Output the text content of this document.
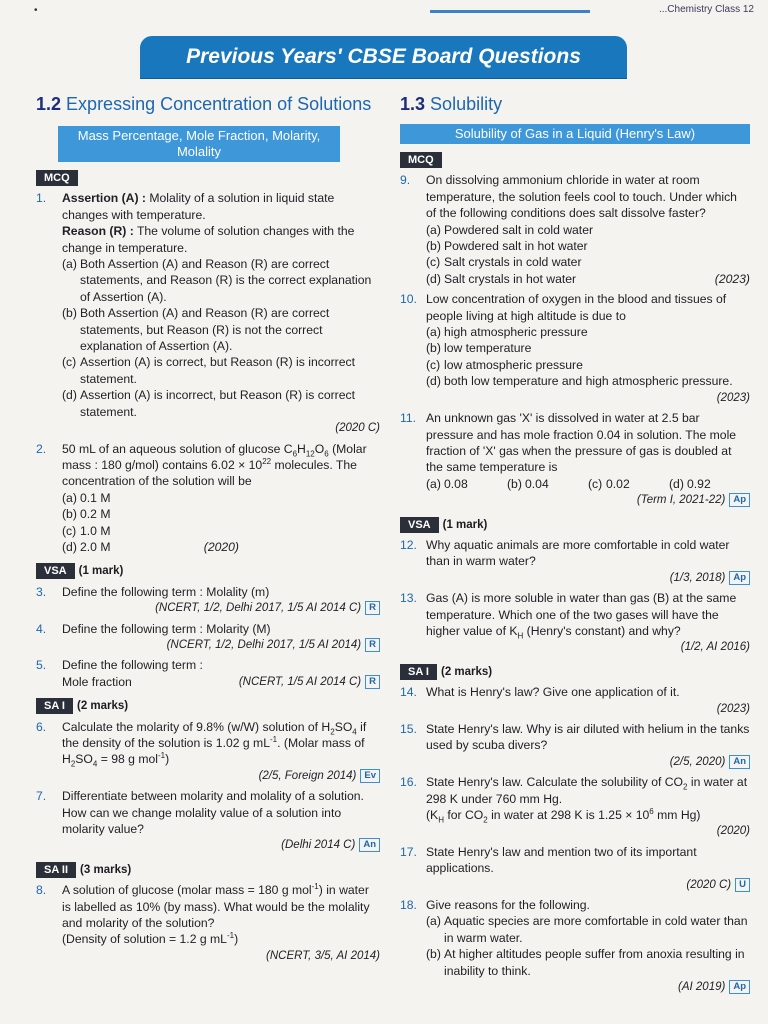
•	...Chemistry Class 12
Previous Years' CBSE Board Questions
1.2 Expressing Concentration of Solutions
Mass Percentage, Mole Fraction, Molarity, Molality
MCQ
1. Assertion (A) : Molality of a solution in liquid state changes with temperature.
Reason (R) : The volume of solution changes with the change in temperature.
(a) Both Assertion (A) and Reason (R) are correct statements, and Reason (R) is the correct explanation of Assertion (A).
(b) Both Assertion (A) and Reason (R) are correct statements, but Reason (R) is not the correct explanation of Assertion (A).
(c) Assertion (A) is correct, but Reason (R) is incorrect statement.
(d) Assertion (A) is incorrect, but Reason (R) is correct statement.
(2020 C)
2. 50 mL of an aqueous solution of glucose $C_6H_{12}O_6$ (Molar mass : 180 g/mol) contains $6.02 \times 10^{22}$ molecules. The concentration of the solution will be
(a) 0.1 M
(b) 0.2 M
(c) 1.0 M
(d) 2.0 M	(2020)
VSA (1 mark)
3. Define the following term : Molality (m)
(NCERT, 1/2, Delhi 2017, 1/5 AI 2014 C) R
4. Define the following term : Molarity (M)
(NCERT, 1/2, Delhi 2017, 1/5 AI 2014) R
5. Define the following term :
Mole fraction	(NCERT, 1/5 AI 2014 C) R
SA I (2 marks)
6. Calculate the molarity of 9.8% (w/W) solution of $H_2SO_4$ if the density of the solution is 1.02 g $mL^{-1}$. (Molar mass of $H_2SO_4 = 98$ g mol$^{-1}$)
(2/5, Foreign 2014) Ev
7. Differentiate between molarity and molality of a solution. How can we change molality value of a solution into molarity value?
(Delhi 2014 C) An
SA II (3 marks)
8. A solution of glucose (molar mass = 180 g mol$^{-1}$) in water is labelled as 10% (by mass). What would be the molality and molarity of the solution?
(Density of solution = 1.2 g $mL^{-1}$)
(NCERT, 3/5, AI 2014)
1.3 Solubility
Solubility of Gas in a Liquid (Henry's Law)
MCQ
9. On dissolving ammonium chloride in water at room temperature, the solution feels cool to touch. Under which of the following conditions does salt dissolve faster?
(a) Powdered salt in cold water
(b) Powdered salt in hot water
(c) Salt crystals in cold water
(d) Salt crystals in hot water	(2023)
10. Low concentration of oxygen in the blood and tissues of people living at high altitude is due to
(a) high atmospheric pressure
(b) low temperature
(c) low atmospheric pressure
(d) both low temperature and high atmospheric pressure.
(2023)
11. An unknown gas 'X' is dissolved in water at 2.5 bar pressure and has mole fraction 0.04 in solution. The mole fraction of 'X' gas when the pressure of gas is doubled at the same temperature is
(a) 0.08	(b) 0.04	(c) 0.02	(d) 0.92
(Term I, 2021-22) Ap
VSA (1 mark)
12. Why aquatic animals are more comfortable in cold water than in warm water?
(1/3, 2018) Ap
13. Gas (A) is more soluble in water than gas (B) at the same temperature. Which one of the two gases will have the higher value of $K_H$ (Henry's constant) and why?
(1/2, AI 2016)
SA I (2 marks)
14. What is Henry's law? Give one application of it.
(2023)
15. State Henry's law. Why is air diluted with helium in the tanks used by scuba divers?
(2/5, 2020) An
16. State Henry's law. Calculate the solubility of $CO_2$ in water at 298 K under 760 mm Hg.
($K_H$ for $CO_2$ in water at 298 K is $1.25 \times 10^6$ mm Hg)
(2020)
17. State Henry's law and mention two of its important applications.
(2020 C) U
18. Give reasons for the following.
(a) Aquatic species are more comfortable in cold water than in warm water.
(b) At higher altitudes people suffer from anoxia resulting in inability to think.
(AI 2019) Ap
